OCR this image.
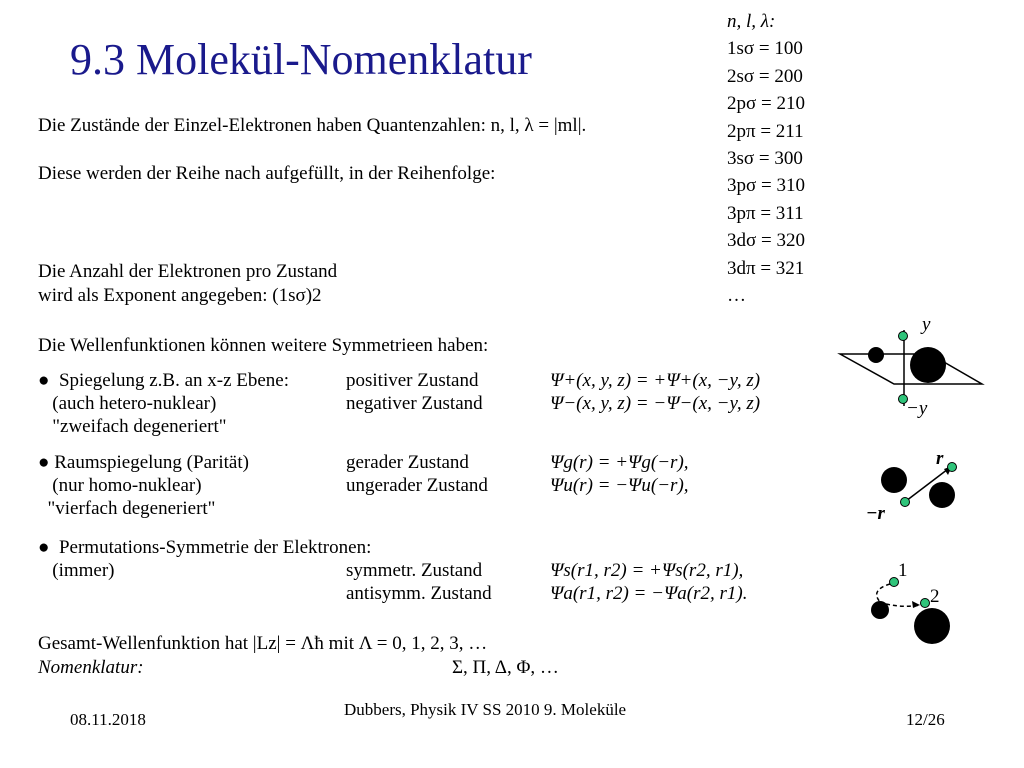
9.3 Molekül-Nomenklatur
n, l, λ:
1sσ = 100
2sσ = 200
2pσ = 210
2pπ = 211
3sσ = 300
3pσ = 310
3pπ = 311
3dσ = 320
3dπ = 321
…
Die Zustände der Einzel-Elektronen haben Quantenzahlen: n, l, λ = |ml|.
Diese werden der Reihe nach aufgefüllt, in der Reihenfolge:
Die Anzahl der Elektronen pro Zustand
wird als Exponent angegeben: (1sσ)2
Die Wellenfunktionen können weitere Symmetrieen haben:
●  Spiegelung z.B. an x-z Ebene:
(auch hetero-nuklear)
"zweifach degeneriert"
positiver Zustand
negativer Zustand
Ψ+(x, y, z) = +Ψ+(x, −y, z)
Ψ−(x, y, z) = −Ψ−(x, −y, z)
● Raumspiegelung (Parität)
(nur homo-nuklear)
"vierfach degeneriert"
gerader Zustand
ungerader Zustand
Ψg(r) = +Ψg(−r),
Ψu(r) = −Ψu(−r),
●  Permutations-Symmetrie der Elektronen:
(immer)	symmetr. Zustand
antisymm. Zustand
Ψs(r1, r2) = +Ψs(r2, r1),
Ψa(r1, r2) = −Ψa(r2, r1).
Gesamt-Wellenfunktion hat |Lz| = Λħ mit Λ = 0, 1, 2, 3, …
Nomenklatur:	Σ, Π, Δ, Φ, …
y
−y
r
−r
1
2
08.11.2018
Dubbers, Physik IV SS 2010 9. Moleküle
12/26
